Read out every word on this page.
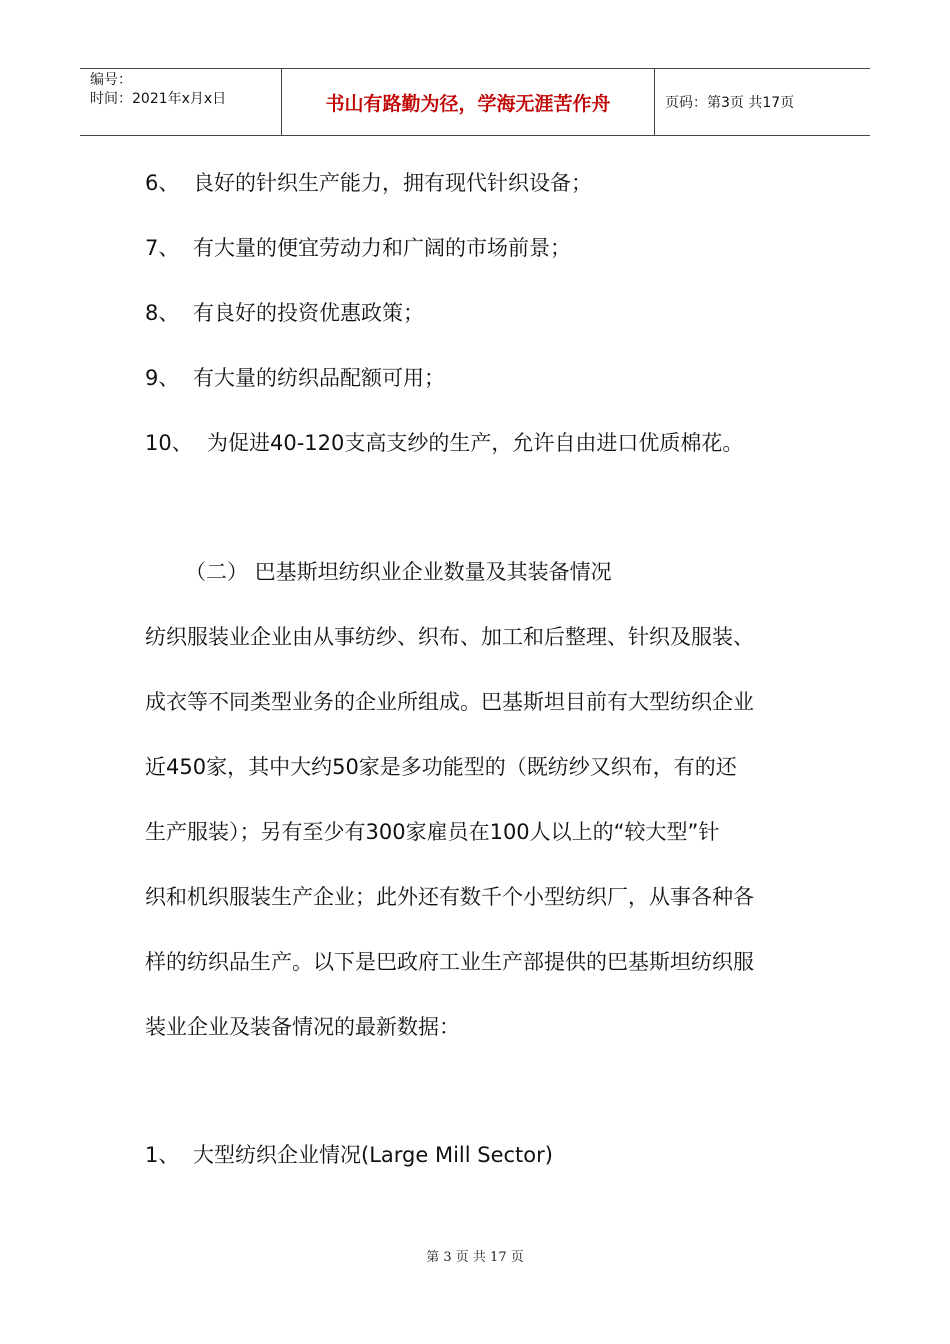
编号：
时间：2021年x月x日	书山有路勤为径，学海无涯苦作舟	页码：第3页 共17页
6、 良好的针织生产能力，拥有现代针织设备；
7、 有大量的便宜劳动力和广阔的市场前景；
8、 有良好的投资优惠政策；
9、 有大量的纺织品配额可用；
10、 为促进40-120支高支纱的生产，允许自由进口优质棉花。
（二） 巴基斯坦纺织业企业数量及其装备情况
纺织服装业企业由从事纺纱、织布、加工和后整理、针织及服装、
成衣等不同类型业务的企业所组成。巴基斯坦目前有大型纺织企业
近450家，其中大约50家是多功能型的（既纺纱又织布，有的还
生产服装）；另有至少有300家雇员在100人以上的“较大型”针
织和机织服装生产企业；此外还有数千个小型纺织厂，从事各种各
样的纺织品生产。以下是巴政府工业生产部提供的巴基斯坦纺织服
装业企业及装备情况的最新数据：
1、 大型纺织企业情况(Large Mill Sector)
第 3 页 共 17 页
